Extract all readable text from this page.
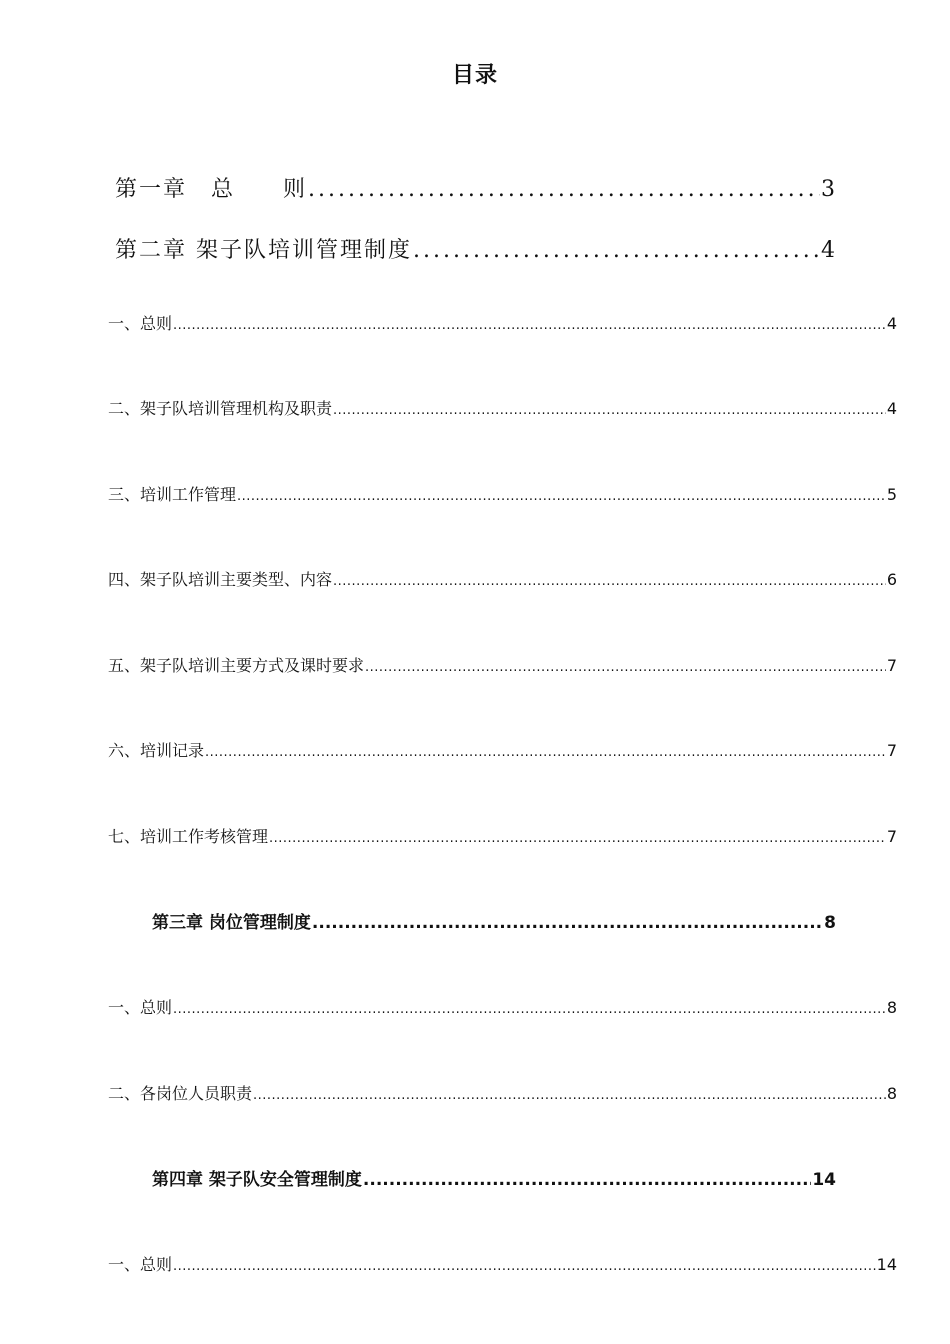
目录
第一章　总　　则 .....	3
第二章 架子队培训管理制度 .....	4
一、总则 .....	4
二、架子队培训管理机构及职责 .....	4
三、培训工作管理 .....	5
四、架子队培训主要类型、内容 .....	6
五、架子队培训主要方式及课时要求 .....	7
六、培训记录 .....	7
七、培训工作考核管理 .....	7
第三章 岗位管理制度 .....	8
一、总则 .....	8
二、各岗位人员职责 .....	8
第四章 架子队安全管理制度 .....	14
一、总则 .....	14
